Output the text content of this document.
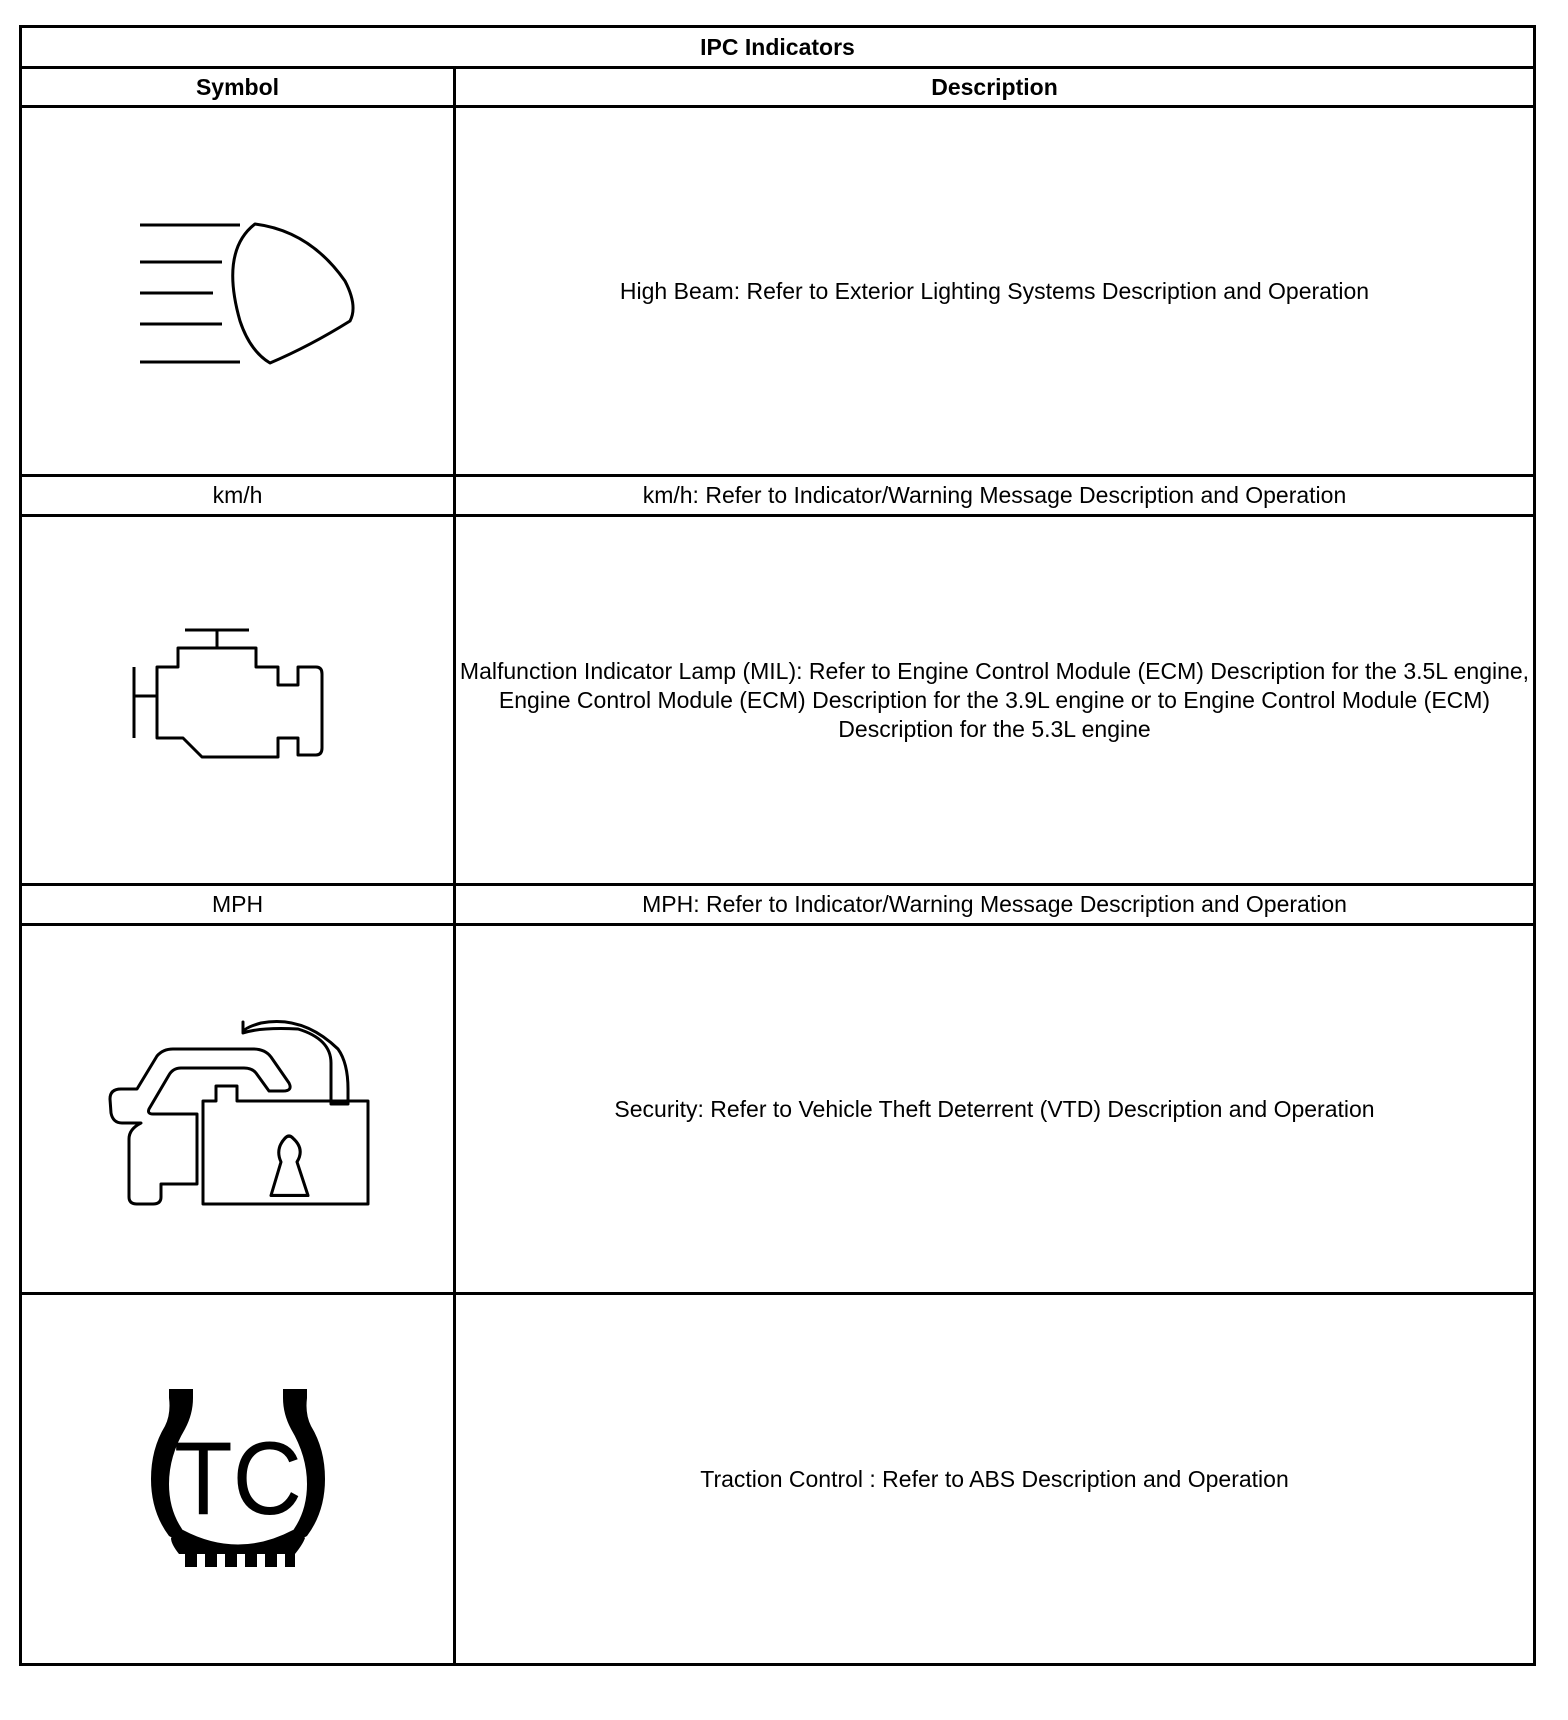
IPC Indicators	
Symbol	Description

	High Beam: Refer to Exterior Lighting Systems Description and Operation
km/h	km/h: Refer to Indicator/Warning Message Description and Operation

	Malfunction Indicator Lamp (MIL): Refer to Engine Control Module (ECM) Description for the 3.5L engine, Engine Control Module (ECM) Description for the 3.9L engine or to Engine Control Module (ECM) Description for the 5.3L engine
MPH	MPH: Refer to Indicator/Warning Message Description and Operation

	Security: Refer to Vehicle Theft Deterrent (VTD) Description and Operation

TC	Traction Control : Refer to ABS Description and Operation
